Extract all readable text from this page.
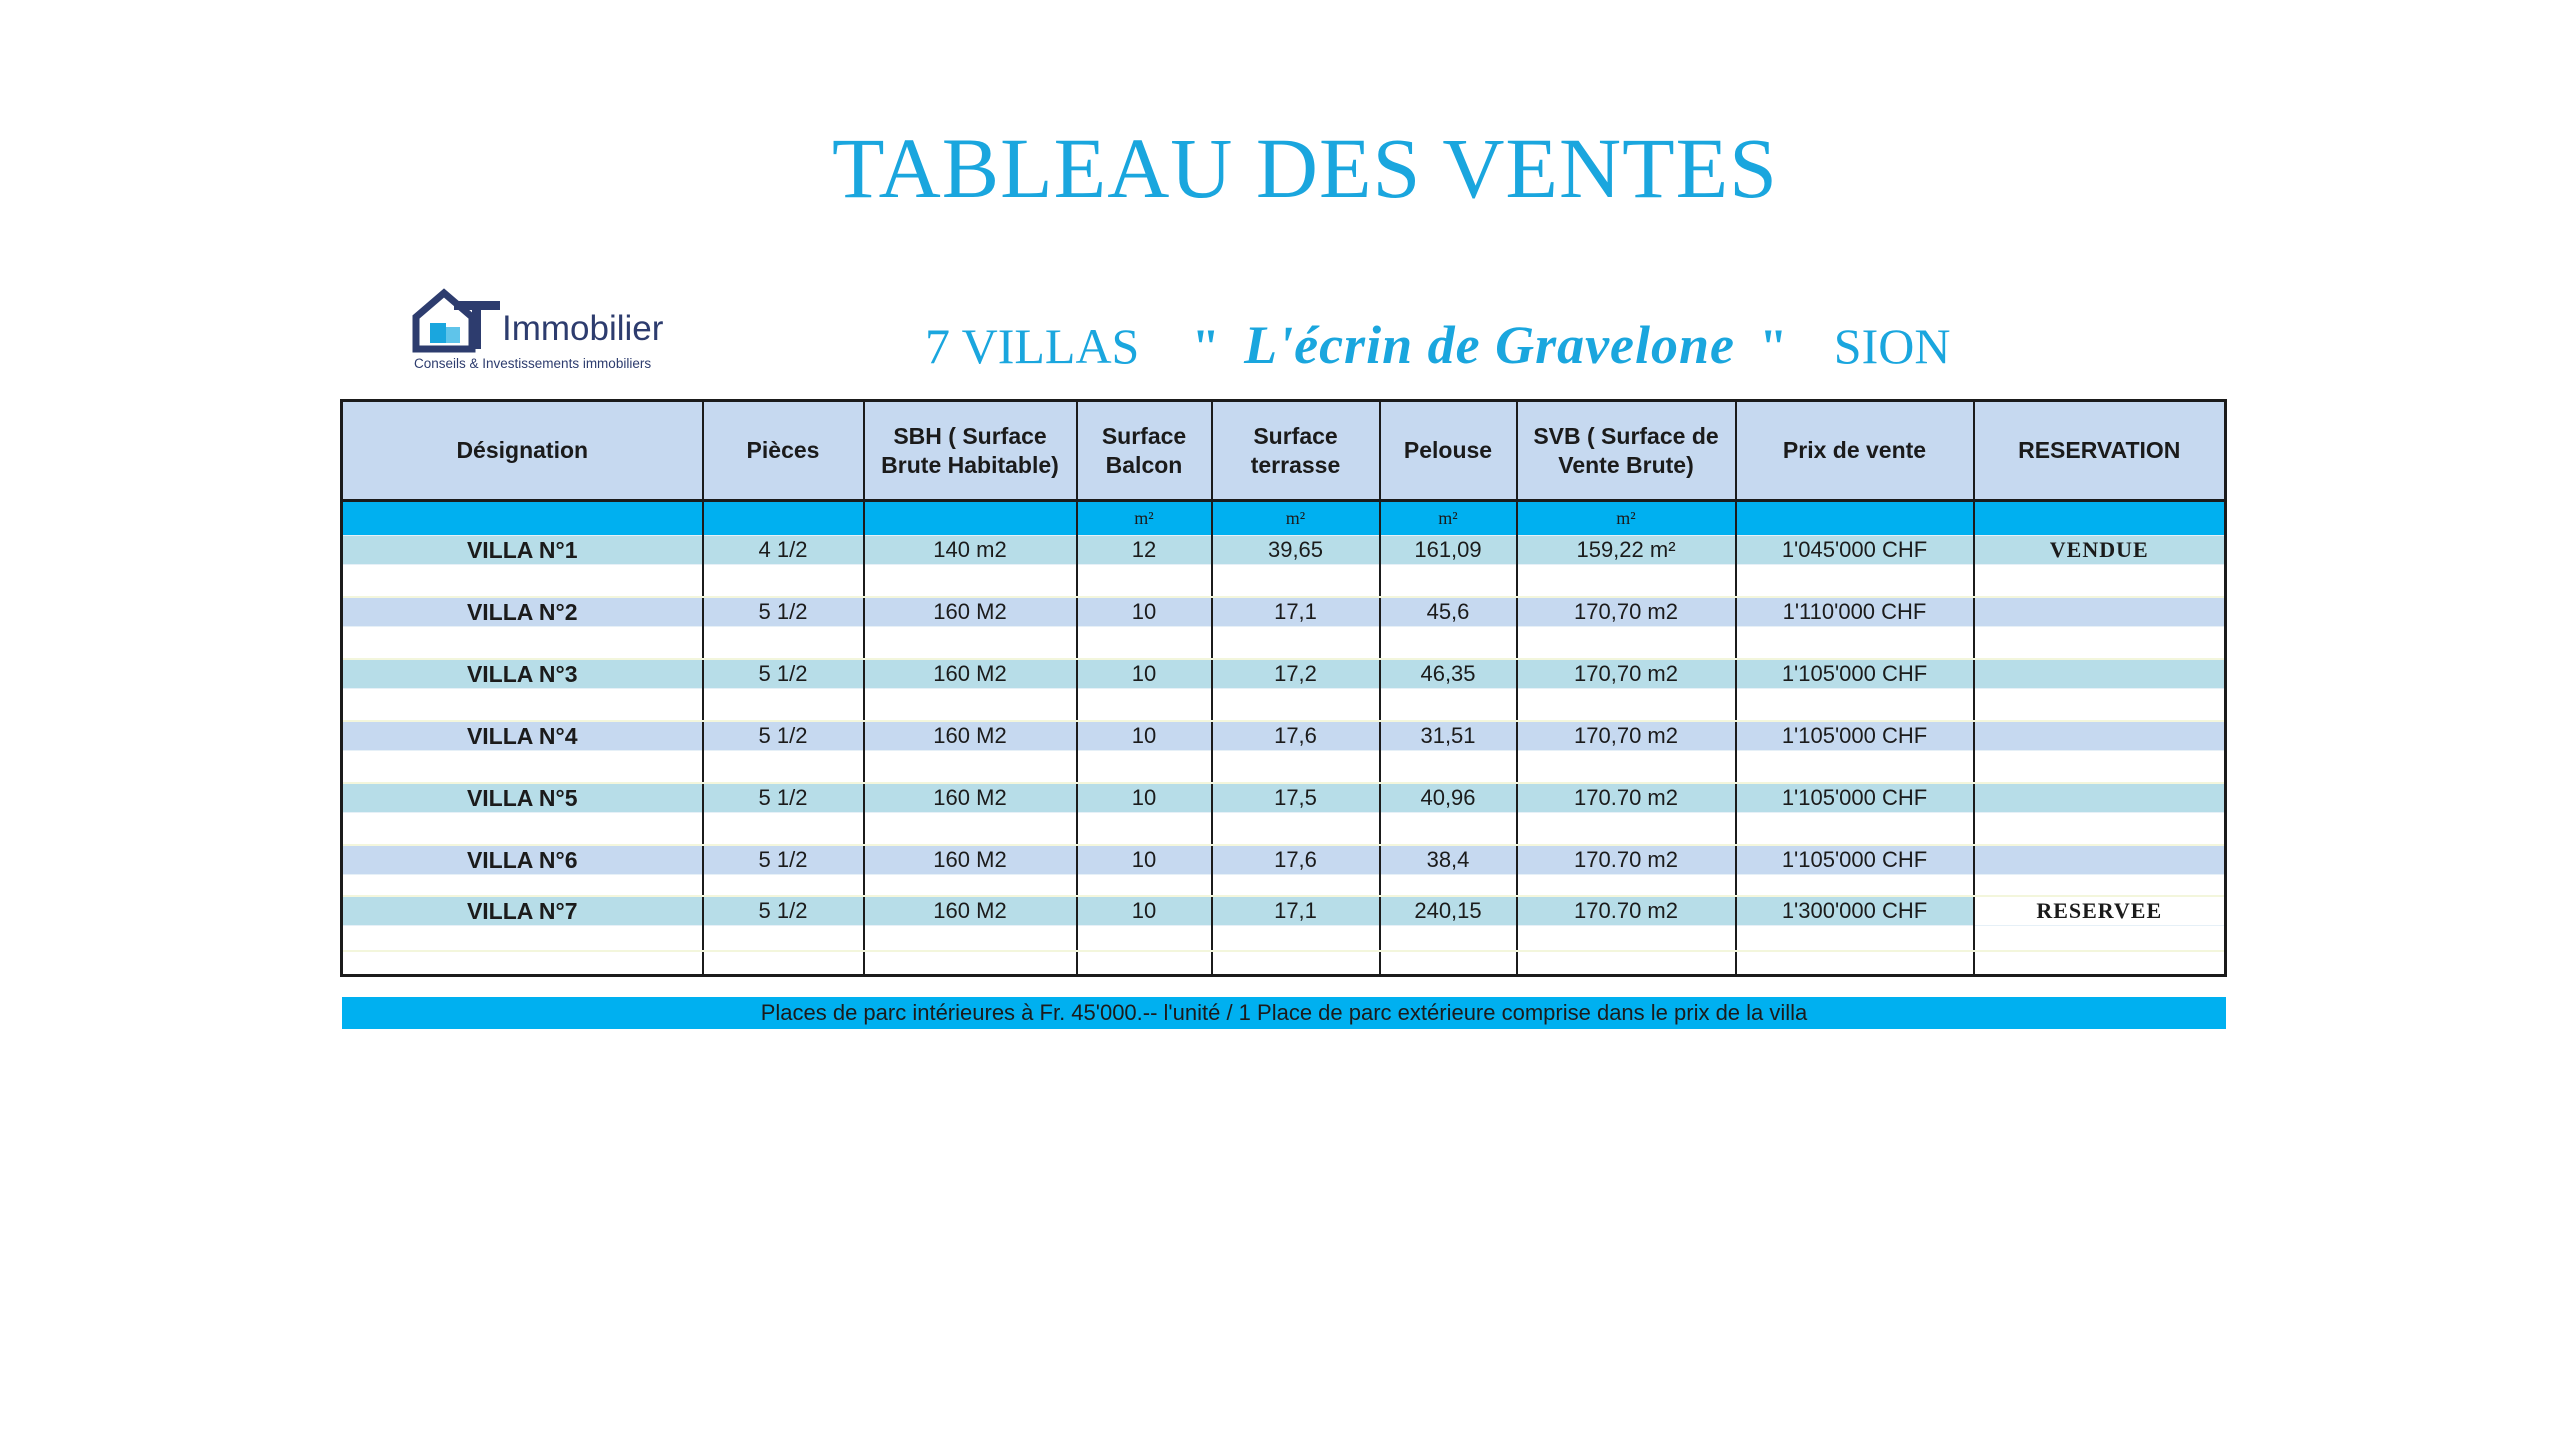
TABLEAU DES VENTES
Immobilier
Conseils & Investissements immobiliers	7 VILLAS " L'écrin de Gravelone " SION
Désignation	Pièces	SBH ( Surface Brute Habitable)	Surface Balcon	Surface terrasse	Pelouse	SVB ( Surface de Vente Brute)	Prix de vente	RESERVATION
			m²	m²	m²	m²		
VILLA N°1	4 1/2	140 m2	12	39,65	161,09	159,22 m²	1'045'000 CHF	VENDUE

VILLA N°2	5 1/2	160 M2	10	17,1	45,6	170,70 m2	1'110'000 CHF	

VILLA N°3	5 1/2	160 M2	10	17,2	46,35	170,70 m2	1'105'000 CHF	

VILLA N°4	5 1/2	160 M2	10	17,6	31,51	170,70 m2	1'105'000 CHF	

VILLA N°5	5 1/2	160 M2	10	17,5	40,96	170.70 m2	1'105'000 CHF	

VILLA N°6	5 1/2	160 M2	10	17,6	38,4	170.70 m2	1'105'000 CHF	

VILLA N°7	5 1/2	160 M2	10	17,1	240,15	170.70 m2	1'300'000 CHF	RESERVEE

Places de parc intérieures à Fr. 45'000.-- l'unité / 1 Place de parc extérieure comprise dans le prix de la villa
